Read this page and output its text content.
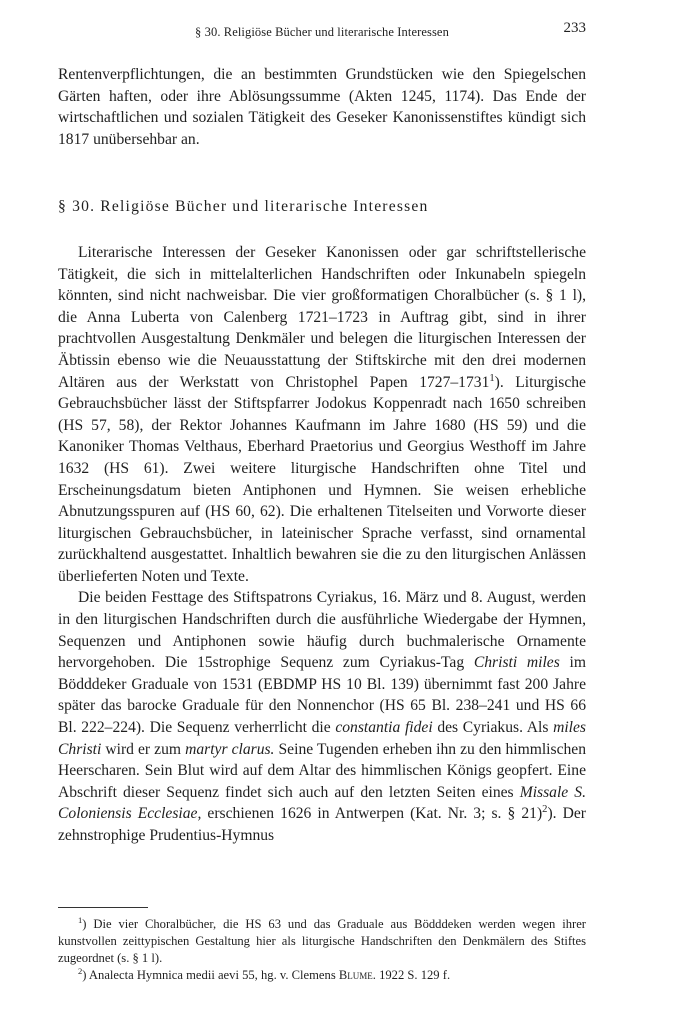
§ 30. Religiöse Bücher und literarische Interessen	233

Rentenverpflichtungen, die an bestimmten Grundstücken wie den Spiegelschen Gärten haften, oder ihre Ablösungssumme (Akten 1245, 1174). Das Ende der wirtschaftlichen und sozialen Tätigkeit des Geseker Kanonissenstiftes kündigt sich 1817 unübersehbar an.

§ 30. Religiöse Bücher und literarische Interessen

Literarische Interessen der Geseker Kanonissen oder gar schriftstellerische Tätigkeit, die sich in mittelalterlichen Handschriften oder Inkunabeln spiegeln könnten, sind nicht nachweisbar. Die vier großformatigen Choralbücher (s. § 1 l), die Anna Luberta von Calenberg 1721–1723 in Auftrag gibt, sind in ihrer prachtvollen Ausgestaltung Denkmäler und belegen die liturgischen Interessen der Äbtissin ebenso wie die Neuausstattung der Stiftskirche mit den drei modernen Altären aus der Werkstatt von Christophel Papen 1727–1731$^1$). Liturgische Gebrauchsbücher lässt der Stiftspfarrer Jodokus Koppenradt nach 1650 schreiben (HS 57, 58), der Rektor Johannes Kaufmann im Jahre 1680 (HS 59) und die Kanoniker Thomas Velthaus, Eberhard Praetorius und Georgius Westhoff im Jahre 1632 (HS 61). Zwei weitere liturgische Handschriften ohne Titel und Erscheinungsdatum bieten Antiphonen und Hymnen. Sie weisen erhebliche Abnutzungsspuren auf (HS 60, 62). Die erhaltenen Titelseiten und Vorworte dieser liturgischen Gebrauchsbücher, in lateinischer Sprache verfasst, sind ornamental zurückhaltend ausgestattet. Inhaltlich bewahren sie die zu den liturgischen Anlässen überlieferten Noten und Texte.

Die beiden Festtage des Stiftspatrons Cyriakus, 16. März und 8. August, werden in den liturgischen Handschriften durch die ausführliche Wiedergabe der Hymnen, Sequenzen und Antiphonen sowie häufig durch buchmalerische Ornamente hervorgehoben. Die 15strophige Sequenz zum Cyriakus-Tag Christi miles im Bödddeker Graduale von 1531 (EBDMP HS 10 Bl. 139) übernimmt fast 200 Jahre später das barocke Graduale für den Nonnenchor (HS 65 Bl. 238–241 und HS 66 Bl. 222–224). Die Sequenz verherrlicht die constantia fidei des Cyriakus. Als miles Christi wird er zum martyr clarus. Seine Tugenden erheben ihn zu den himmlischen Heerscharen. Sein Blut wird auf dem Altar des himmlischen Königs geopfert. Eine Abschrift dieser Sequenz findet sich auch auf den letzten Seiten eines Missale S. Coloniensis Ecclesiae, erschienen 1626 in Antwerpen (Kat. Nr. 3; s. § 21)$^2$). Der zehnstrophige Prudentius-Hymnus

$^1$) Die vier Choralbücher, die HS 63 und das Graduale aus Bödddeken werden wegen ihrer kunstvollen zeittypischen Gestaltung hier als liturgische Handschriften den Denkmälern des Stiftes zugeordnet (s. § 1 l).

$^2$) Analecta Hymnica medii aevi 55, hg. v. Clemens Blume. 1922 S. 129 f.
